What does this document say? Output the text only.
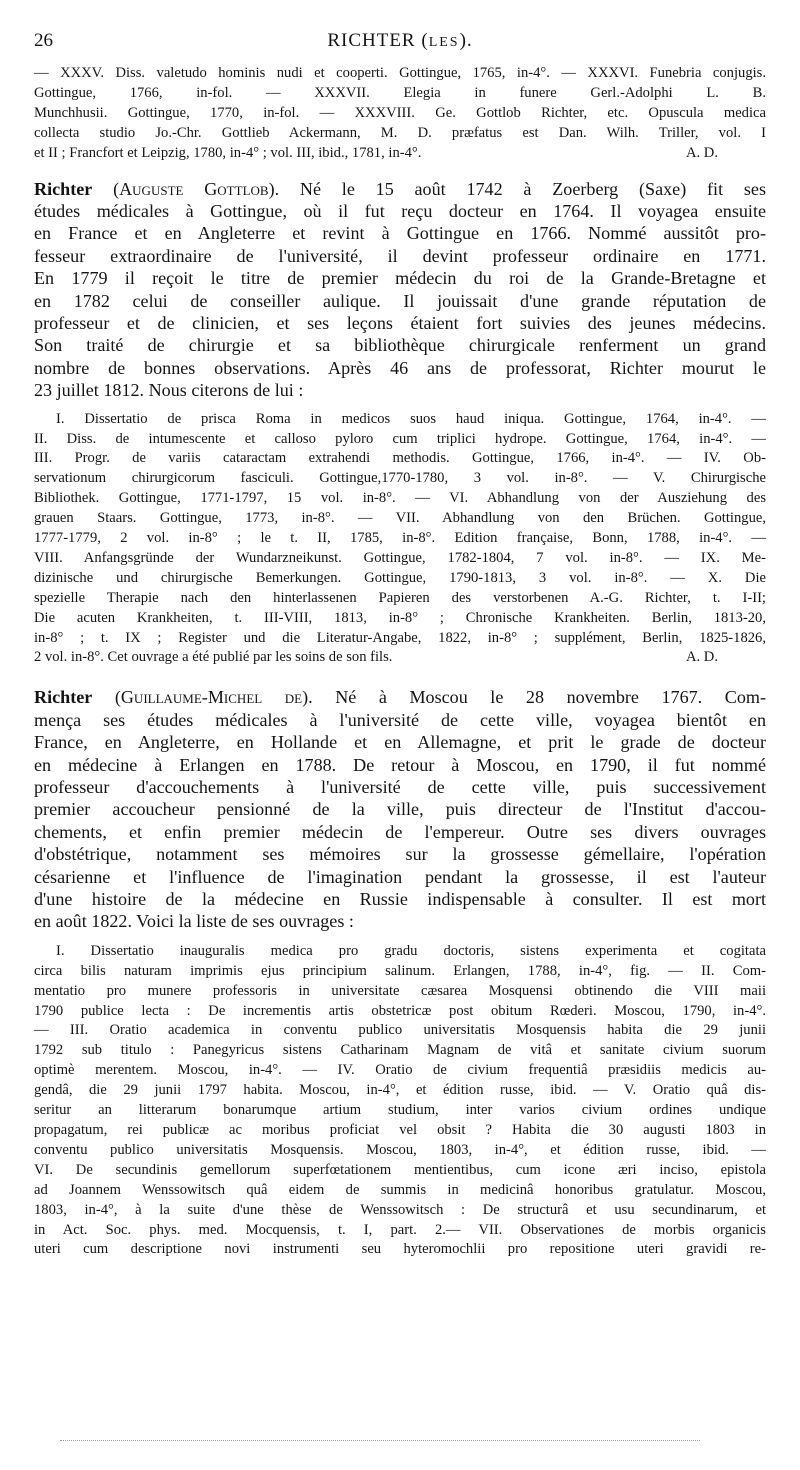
26	RICHTER (LES).
— XXXV. Diss. valetudo hominis nudi et cooperti. Gottingue, 1765, in-4°. — XXXVI. Funebria conjugis.
Gottingue, 1766, in-fol. — XXXVII. Elegia in funere Gerl.-Adolphi L. B.
Munchhusii. Gottingue, 1770, in-fol. — XXXVIII. Ge. Gottlob Richter, etc. Opuscula medica
collecta studio Jo.-Chr. Gottlieb Ackermann, M. D. præfatus est Dan. Wilh. Triller, vol. I
et II ; Francfort et Leipzig, 1780, in-4° ; vol. III, ibid., 1781, in-4°.	A. D.
Richter (Auguste Gottlob). Né le 15 août 1742 à Zoerberg (Saxe) fit ses
études médicales à Gottingue, où il fut reçu docteur en 1764. Il voyagea ensuite
en France et en Angleterre et revint à Gottingue en 1766. Nommé aussitôt pro-
fesseur extraordinaire de l'université, il devint professeur ordinaire en 1771.
En 1779 il reçoit le titre de premier médecin du roi de la Grande-Bretagne et
en 1782 celui de conseiller aulique. Il jouissait d'une grande réputation de
professeur et de clinicien, et ses leçons étaient fort suivies des jeunes médecins.
Son traité de chirurgie et sa bibliothèque chirurgicale renferment un grand
nombre de bonnes observations. Après 46 ans de professorat, Richter mourut le
23 juillet 1812. Nous citerons de lui :
I. Dissertatio de prisca Roma in medicos suos haud iniqua. Gottingue, 1764, in-4°. —
II. Diss. de intumescente et calloso pyloro cum triplici hydrope. Gottingue, 1764, in-4°. —
III. Progr. de variis cataractam extrahendi methodis. Gottingue, 1766, in-4°. — IV. Ob-
servationum chirurgicorum fasciculi. Gottingue,1770-1780, 3 vol. in-8°. — V. Chirurgische
Bibliothek. Gottingue, 1771-1797, 15 vol. in-8°. — VI. Abhandlung von der Ausziehung des
grauen Staars. Gottingue, 1773, in-8°. — VII. Abhandlung von den Brüchen. Gottingue,
1777-1779, 2 vol. in-8° ; le t. II, 1785, in-8°. Edition française, Bonn, 1788, in-4°. —
VIII. Anfangsgründe der Wundarzneikunst. Gottingue, 1782-1804, 7 vol. in-8°. — IX. Me-
dizinische und chirurgische Bemerkungen. Gottingue, 1790-1813, 3 vol. in-8°. — X. Die
spezielle Therapie nach den hinterlassenen Papieren des verstorbenen A.-G. Richter, t. I-II;
Die acuten Krankheiten, t. III-VIII, 1813, in-8° ; Chronische Krankheiten. Berlin, 1813-20,
in-8° ; t. IX ; Register und die Literatur-Angabe, 1822, in-8° ; supplément, Berlin, 1825-1826,
2 vol. in-8°. Cet ouvrage a été publié par les soins de son fils.	A. D.
Richter (Guillaume-Michel de). Né à Moscou le 28 novembre 1767. Com-
mença ses études médicales à l'université de cette ville, voyagea bientôt en
France, en Angleterre, en Hollande et en Allemagne, et prit le grade de docteur
en médecine à Erlangen en 1788. De retour à Moscou, en 1790, il fut nommé
professeur d'accouchements à l'université de cette ville, puis successivement
premier accoucheur pensionné de la ville, puis directeur de l'Institut d'accou-
chements, et enfin premier médecin de l'empereur. Outre ses divers ouvrages
d'obstétrique, notamment ses mémoires sur la grossesse gémellaire, l'opération
césarienne et l'influence de l'imagination pendant la grossesse, il est l'auteur
d'une histoire de la médecine en Russie indispensable à consulter. Il est mort
en août 1822. Voici la liste de ses ouvrages :
I. Dissertatio inauguralis medica pro gradu doctoris, sistens experimenta et cogitata
circa bilis naturam imprimis ejus principium salinum. Erlangen, 1788, in-4°, fig. — II. Com-
mentatio pro munere professoris in universitate cæsarea Mosquensi obtinendo die VIII maii
1790 publice lecta : De incrementis artis obstetricæ post obitum Rœderi. Moscou, 1790, in-4°.
— III. Oratio academica in conventu publico universitatis Mosquensis habita die 29 junii
1792 sub titulo : Panegyricus sistens Catharinam Magnam de vitâ et sanitate civium suorum
optimè merentem. Moscou, in-4°. — IV. Oratio de civium frequentiâ præsidiis medicis au-
gendâ, die 29 junii 1797 habita. Moscou, in-4°, et édition russe, ibid. — V. Oratio quâ dis-
seritur an litterarum bonarumque artium studium, inter varios civium ordines undique
propagatum, rei publicæ ac moribus proficiat vel obsit ? Habita die 30 augusti 1803 in
conventu publico universitatis Mosquensis. Moscou, 1803, in-4°, et édition russe, ibid. —
VI. De secundinis gemellorum superfœtationem mentientibus, cum icone æri inciso, epistola
ad Joannem Wenssowitsch quâ eidem de summis in medicinâ honoribus gratulatur. Moscou,
1803, in-4°, à la suite d'une thèse de Wenssowitsch : De structurâ et usu secundinarum, et
in Act. Soc. phys. med. Mocquensis, t. I, part. 2.— VII. Observationes de morbis organicis
uteri cum descriptione novi instrumenti seu hyteromochlii pro repositione uteri gravidi re-
